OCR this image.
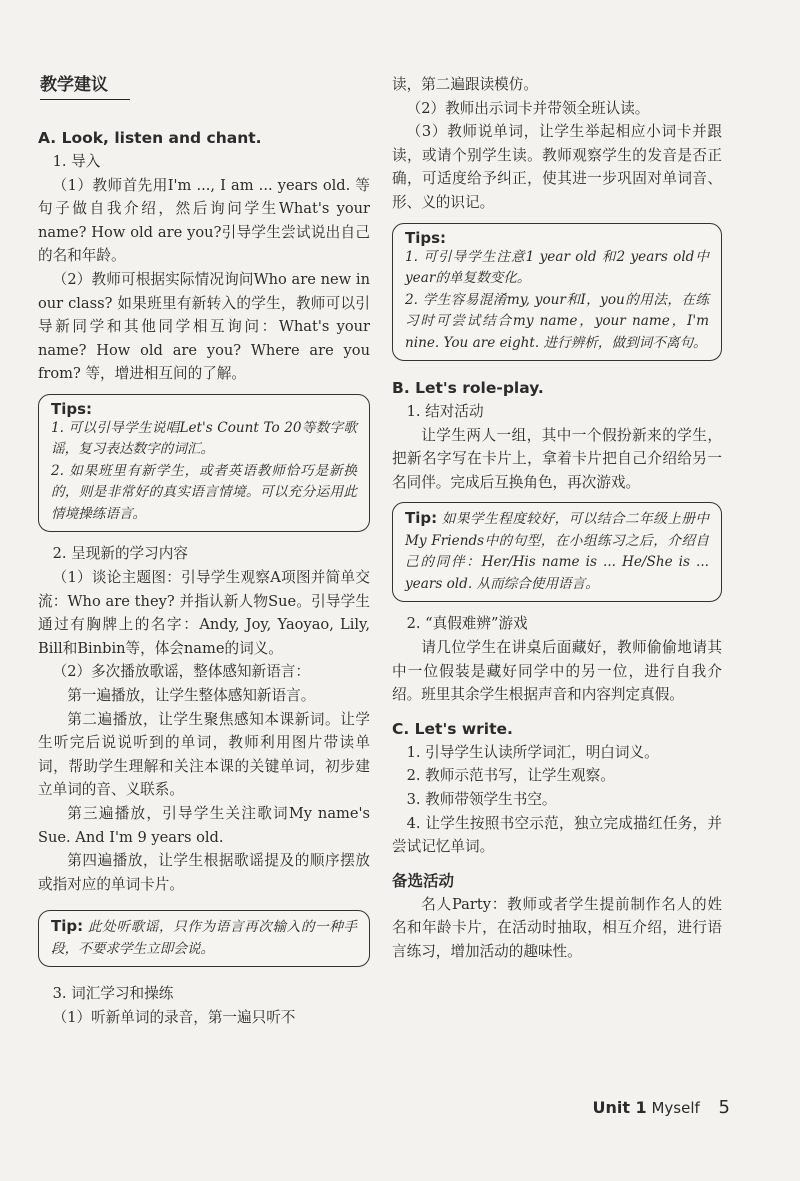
教学建议
A. Look, listen and chant.

1. 导入

（1）教师首先用I'm ..., I am ... years old. 等句子做自我介绍，然后询问学生What's your name? How old are you?引导学生尝试说出自己的名和年龄。

（2）教师可根据实际情况询问Who are new in our class? 如果班里有新转入的学生，教师可以引导新同学和其他同学相互询问：What's your name? How old are you? Where are you from? 等，增进相互间的了解。

Tips:

1. 可以引导学生说唱Let's Count To 20等数字歌谣，复习表达数字的词汇。

2. 如果班里有新学生，或者英语教师恰巧是新换的，则是非常好的真实语言情境。可以充分运用此情境操练语言。

2. 呈现新的学习内容

（1）谈论主题图：引导学生观察A项图并简单交流：Who are they? 并指认新人物Sue。引导学生通过有胸牌上的名字：Andy, Joy, Yaoyao, Lily, Bill和Binbin等，体会name的词义。

（2）多次播放歌谣，整体感知新语言：

第一遍播放，让学生整体感知新语言。

第二遍播放，让学生聚焦感知本课新词。让学生听完后说说听到的单词，教师利用图片带读单词，帮助学生理解和关注本课的关键单词，初步建立单词的音、义联系。

第三遍播放，引导学生关注歌词My name's Sue. And I'm 9 years old.

第四遍播放，让学生根据歌谣提及的顺序摆放或指对应的单词卡片。

Tip: 此处听歌谣，只作为语言再次输入的一种手段，不要求学生立即会说。

3. 词汇学习和操练

（1）听新单词的录音，第一遍只听不

读，第二遍跟读模仿。

（2）教师出示词卡并带领全班认读。

（3）教师说单词，让学生举起相应小词卡并跟读，或请个别学生读。教师观察学生的发音是否正确，可适度给予纠正，使其进一步巩固对单词音、形、义的识记。

Tips:

1. 可引导学生注意1 year old 和2 years old中year的单复数变化。

2. 学生容易混淆my, your和I，you的用法，在练习时可尝试结合my name，your name，I'm nine. You are eight. 进行辨析，做到词不离句。

B. Let's role-play.

1. 结对活动

让学生两人一组，其中一个假扮新来的学生，把新名字写在卡片上，拿着卡片把自己介绍给另一名同伴。完成后互换角色，再次游戏。

Tip: 如果学生程度较好，可以结合二年级上册中My Friends中的句型，在小组练习之后，介绍自己的同伴：Her/His name is ... He/She is ... years old. 从而综合使用语言。

2. “真假难辨”游戏

请几位学生在讲桌后面藏好，教师偷偷地请其中一位假装是藏好同学中的另一位，进行自我介绍。班里其余学生根据声音和内容判定真假。

C. Let's write.

1. 引导学生认读所学词汇，明白词义。

2. 教师示范书写，让学生观察。

3. 教师带领学生书空。

4. 让学生按照书空示范，独立完成描红任务，并尝试记忆单词。

备选活动

名人Party：教师或者学生提前制作名人的姓名和年龄卡片，在活动时抽取，相互介绍，进行语言练习，增加活动的趣味性。

Unit 1 Myself 5
